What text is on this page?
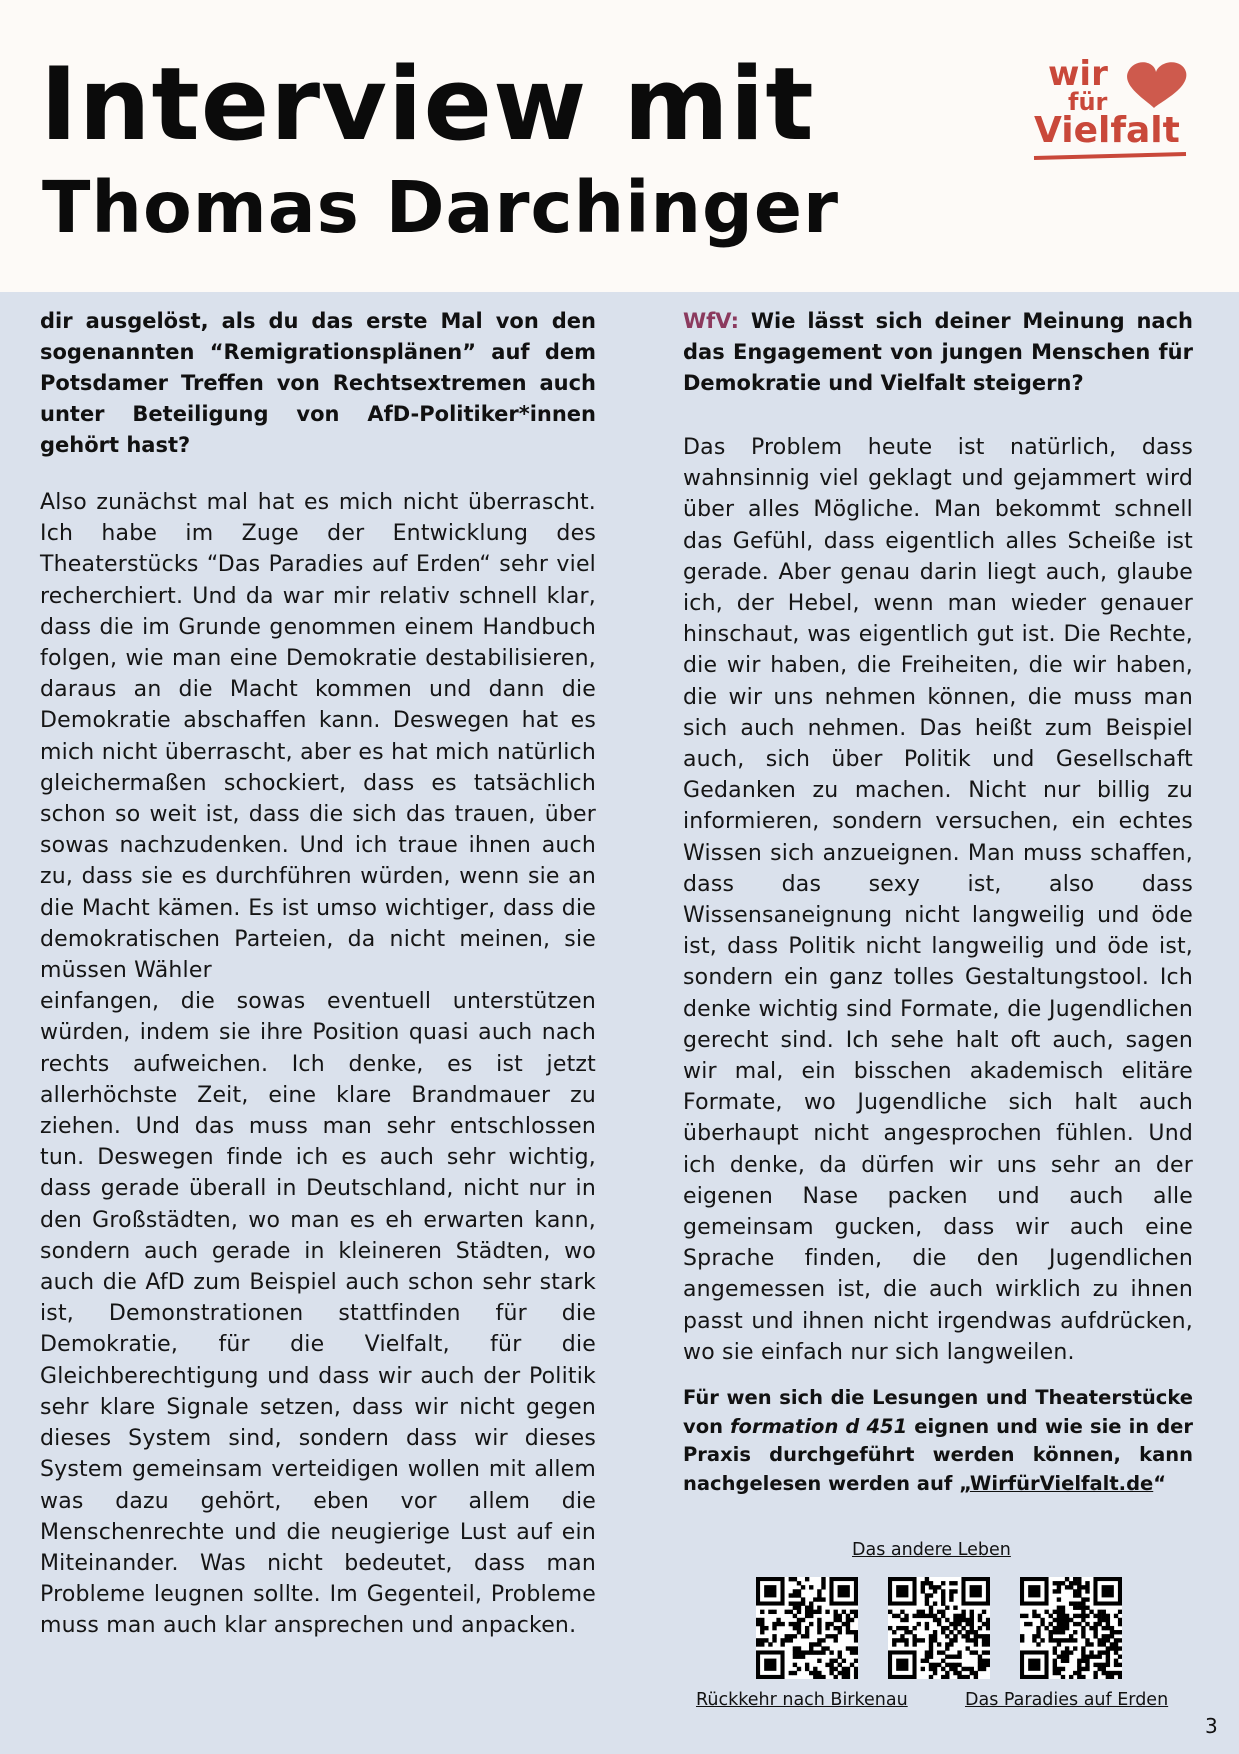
Interview mit
Thomas Darchinger
wir
für
Vielfalt

dir ausgelöst, als du das erste Mal von den sogenannten “Remigrationsplänen” auf dem Potsdamer Treffen von Rechtsextremen auch unter Beteiligung von AfD-Politiker*innen gehört hast?

Also zunächst mal hat es mich nicht überrascht. Ich habe im Zuge der Entwicklung des Theaterstücks “Das Paradies auf Erden“ sehr viel recherchiert. Und da war mir relativ schnell klar, dass die im Grunde genommen einem Handbuch folgen, wie man eine Demokratie destabilisieren, daraus an die Macht kommen und dann die Demokratie abschaffen kann. Deswegen hat es mich nicht überrascht, aber es hat mich natürlich gleichermaßen schockiert, dass es tatsächlich schon so weit ist, dass die sich das trauen, über sowas nachzudenken. Und ich traue ihnen auch zu, dass sie es durchführen würden, wenn sie an die Macht kämen. Es ist umso wichtiger, dass die demokratischen Parteien, da nicht meinen, sie müssen Wähler

einfangen, die sowas eventuell unterstützen würden, indem sie ihre Position quasi auch nach rechts aufweichen. Ich denke, es ist jetzt allerhöchste Zeit, eine klare Brandmauer zu ziehen. Und das muss man sehr entschlossen tun. Deswegen finde ich es auch sehr wichtig, dass gerade überall in Deutschland, nicht nur in den Großstädten, wo man es eh erwarten kann, sondern auch gerade in kleineren Städten, wo auch die AfD zum Beispiel auch schon sehr stark ist, Demonstrationen stattfinden für die Demokratie, für die Vielfalt, für die Gleichberechtigung und dass wir auch der Politik sehr klare Signale setzen, dass wir nicht gegen dieses System sind, sondern dass wir dieses System gemeinsam verteidigen wollen mit allem was dazu gehört, eben vor allem die Menschenrechte und die neugierige Lust auf ein Miteinander. Was nicht bedeutet, dass man Probleme leugnen sollte. Im Gegenteil, Probleme muss man auch klar ansprechen und anpacken.

WfV: Wie lässt sich deiner Meinung nach das Engagement von jungen Menschen für Demokratie und Vielfalt steigern?

Das Problem heute ist natürlich, dass wahnsinnig viel geklagt und gejammert wird über alles Mögliche. Man bekommt schnell das Gefühl, dass eigentlich alles Scheiße ist gerade. Aber genau darin liegt auch, glaube ich, der Hebel, wenn man wieder genauer hinschaut, was eigentlich gut ist. Die Rechte, die wir haben, die Freiheiten, die wir haben, die wir uns nehmen können, die muss man sich auch nehmen. Das heißt zum Beispiel auch, sich über Politik und Gesellschaft Gedanken zu machen. Nicht nur billig zu informieren, sondern versuchen, ein echtes Wissen sich anzueignen. Man muss schaffen, dass das sexy ist, also dass Wissensaneignung nicht langweilig und öde ist, dass Politik nicht langweilig und öde ist, sondern ein ganz tolles Gestaltungstool. Ich denke wichtig sind Formate, die Jugendlichen gerecht sind. Ich sehe halt oft auch, sagen wir mal, ein bisschen akademisch elitäre Formate, wo Jugendliche sich halt auch überhaupt nicht angesprochen fühlen. Und ich denke, da dürfen wir uns sehr an der eigenen Nase packen und auch alle gemeinsam gucken, dass wir auch eine Sprache finden, die den Jugendlichen angemessen ist, die auch wirklich zu ihnen passt und ihnen nicht irgendwas aufdrücken, wo sie einfach nur sich langweilen.

Für wen sich die Lesungen und Theaterstücke von formation d 451 eignen und wie sie in der Praxis durchgeführt werden können, kann nachgelesen werden auf „WirfürVielfalt.de“

Das andere Leben
Rückkehr nach Birkenau	Das Paradies auf Erden
3
